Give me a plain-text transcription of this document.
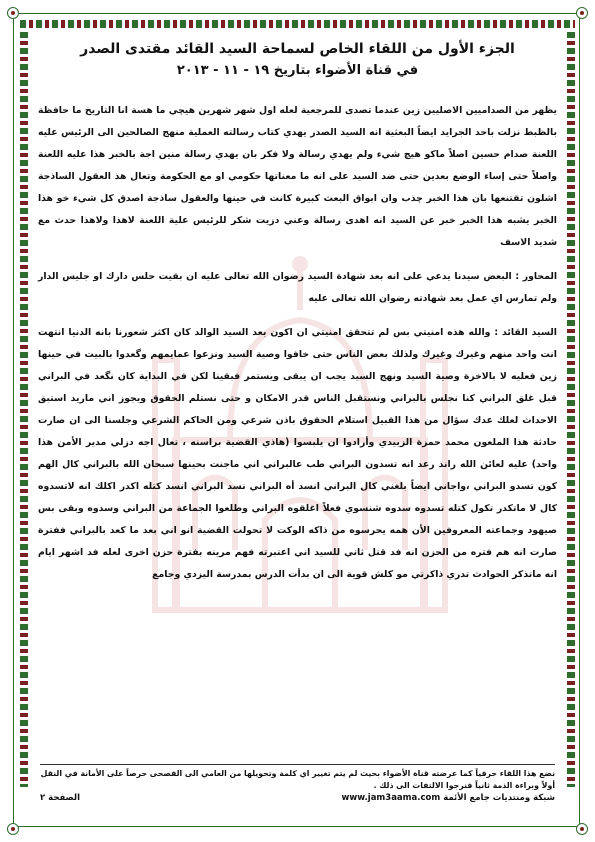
الجزء الأول من اللقاء الخاص لسماحة السيد القائد مقتدى الصدر
في قناة الأضواء بتاريخ ١٩ - ١١ - ٢٠١٣

يظهر من الصداميين الاصليين زين عندما تصدى للمرجعية لعله اول شهر شهرين هيچي ما هسة انا التاريخ ما حافظة بالظبط نزلت باحد الجرايد ايضاً البعثية انه السيد الصدر يهدي كتاب رسالته العملية منهج الصالحين الى الرئيس عليه اللعنة صدام حسين اصلاً ماكو هيچ شيء ولم يهدي رسالة ولا فكر بان يهدي رسالة منين اجة بالخبر هذا عليه اللعنة واصلاً حتى إساء الوضع بعدين حتى ضد السيد على انه ما معناتها حكومي او مع الحكومة وتعال هذ العقول الساذجة اشلون تقتنعها بان هذا الخبر چذب وان ابواق البعث كبيرة كانت في حينها والعقول ساذجة اصدق كل شيء خو هذا الخبر يشبه هذا الخبر خبر عن السيد انه اهدى رسالة وعني دزيت شكر للرئيس علية اللعنة لاهذا ولاهذا حدث مع شديد الاسف

المحاور : البعض سيدنا يدعي على انه بعد شهادة السيد رضوان الله تعالى عليه ان بقيت حلس دارك او جليس الدار ولم تمارس اي عمل بعد شهادته رضوان الله تعالى عليه

السيد القائد : والله هذه امنيتي بس لم تتحقق امنيتي ان اكون بعد السيد الوالد كان اكثر شعورنا بانه الدنيا انتهت انت واحد منهم وغيرك وغيرك ولذلك بعض الناس حتى خافوا وصية السيد ونزعوا عمايمهم وگعدوا بالبيت في حينها زين فعليه لا بالاخرة وصية السيد ونهج السيد يجب ان يبقى ويستمر فبقينا لكن في البداية كان نگعد في البراني قبل غلق البراني كنا نجلس بالبراني ونستقبل الناس قدر الامكان و حتى نستلم الحقوق ويجوز اني ماريد استبق الاحداث لعلك عدك سؤال من هذا القبيل استلام الحقوق باذن شرعي ومن الحاكم الشرعي وجلسنا الى ان صارت حادثة هذا الملعون محمد حمزة الزبيدي وأرادوا ان يلبسوا (هاذي القضية براسنه ، تعال اجه دزلي مدير الأمن هذا واحد) عليه لعائن الله راند رعد انه تسدون البراني طب عالبراني اني ماجنت بحينها سبحان الله بالبراني كال الهم كون تسدو البراني ،واجاني ايضاً بلغني كال البراني انسد أه البراني نسد البراني انسد كتله اكدر اكلك انه لاتسدوه كال لا ماتكدر تكول كتله تسدوه سدوه شنسوي فعلاً اغلقوه البراني وطلعوا الجماعة من البراني وسدوه وبقى بس صيهود وجماعته المعروفين الأن همه يحرسوه من ذاكه الوكت لا تحولت القضية انو اني بعد ما كعد بالبراني ففترة صارت انه هم فتره من الحزن انه فد قتل ثاني للسيد اني اعتبرته فهم مرينه بفترة حزن اخرى لعله فد اشهر ايام انه ماتذكر الحوادث تدري ذاكرتي مو كلش قوية الى ان بدأت الدرس بمدرسة اليزدي وجامع

نضع هذا اللقاء حرفياً كما عرضته قناة الأضواء بحيث لم يتم تغيير اي كلمة وتحويلها من العامي الى الفصحى حرصاً على الأمانة في النقل أولاً وبراءة الذمة ثانياً فنرجوا الالتفات الى ذلك .
شبكة ومنتديات جامع الأئمة www.jam3aama.com
الصفحة ٢
